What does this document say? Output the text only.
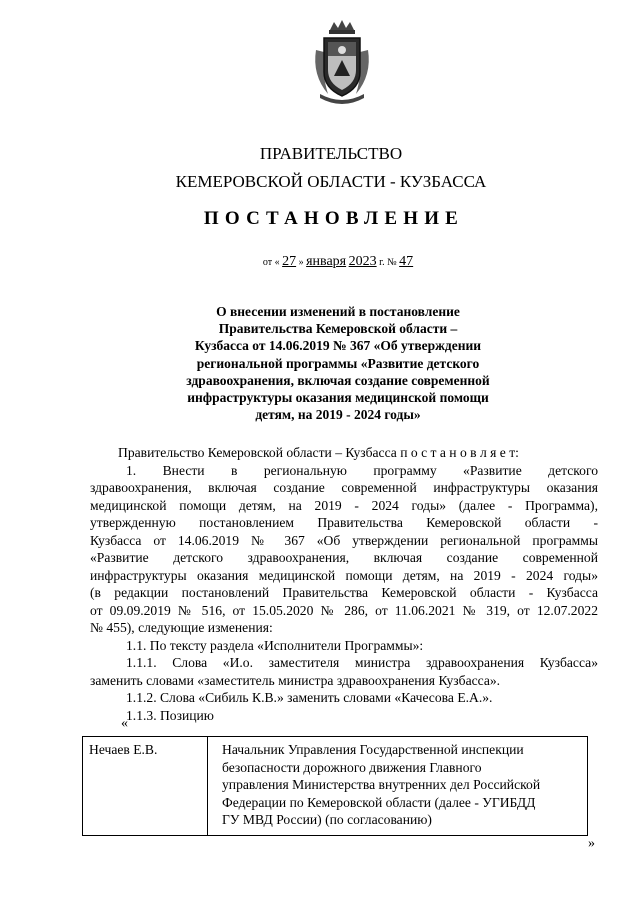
ПРАВИТЕЛЬСТВО
КЕМЕРОВСКОЙ ОБЛАСТИ - КУЗБАССА
ПОСТАНОВЛЕНИЕ
от « 27 » января 2023 г. № 47
О внесении изменений в постановление
Правительства Кемеровской области –
Кузбасса от 14.06.2019 № 367 «Об утверждении
региональной программы «Развитие детского
здравоохранения, включая создание современной
инфраструктуры оказания медицинской помощи
детям, на 2019 - 2024 годы»
Правительство Кемеровской области – Кузбасса п о с т а н о в л я е т:
1. Внести в региональную программу «Развитие детского
здравоохранения, включая создание современной инфраструктуры оказания
медицинской помощи детям, на 2019 - 2024 годы» (далее - Программа),
утвержденную постановлением Правительства Кемеровской области -
Кузбасса от 14.06.2019 № 367 «Об утверждении региональной программы
«Развитие детского здравоохранения, включая создание современной
инфраструктуры оказания медицинской помощи детям, на 2019 - 2024 годы»
(в редакции постановлений Правительства Кемеровской области - Кузбасса
от 09.09.2019 № 516, от 15.05.2020 № 286, от 11.06.2021 № 319, от 12.07.2022
№ 455), следующие изменения:
1.1. По тексту раздела «Исполнители Программы»:
1.1.1. Слова «И.о. заместителя министра здравоохранения Кузбасса»
заменить словами «заместитель министра здравоохранения Кузбасса».
1.1.2. Слова «Сибиль К.В.» заменить словами «Качесова Е.А.».
1.1.3. Позицию
«
Нечаев Е.В.	Начальник Управления Государственной инспекции
безопасности дорожного движения Главного
управления Министерства внутренних дел Российской
Федерации по Кемеровской области (далее - УГИБДД
ГУ МВД России) (по согласованию)
»
